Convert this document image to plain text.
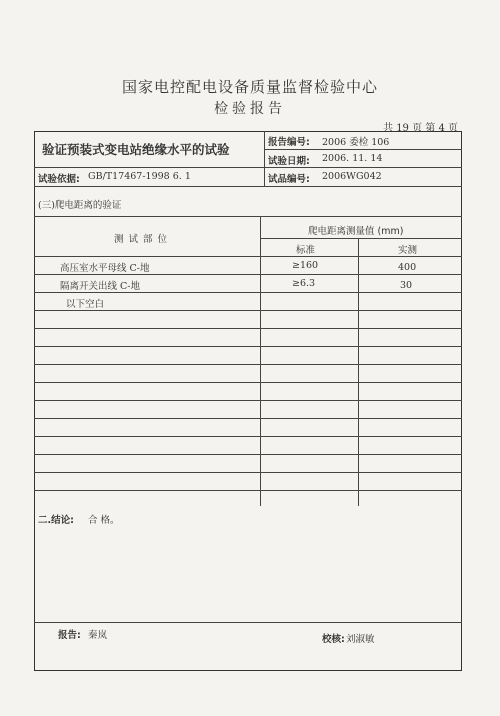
国家电控配电设备质量监督检验中心
检验报告
共 19 页 第 4 页
验证预装式变电站绝缘水平的试验	报告编号: 2006 委检 106
试验日期: 2006. 11. 14
试验依据: GB/T17467-1998 6. 1	试品编号: 2006WG042
(三)爬电距离的验证
测 试 部 位
爬电距离测量值 (mm)
标准	实测
高压室水平母线 C-地	≥160	400
隔离开关出线 C-地	≥6.3	30
以下空白
二.结论: 合 格。
报告: 秦岚	校核: 刘淑敏
